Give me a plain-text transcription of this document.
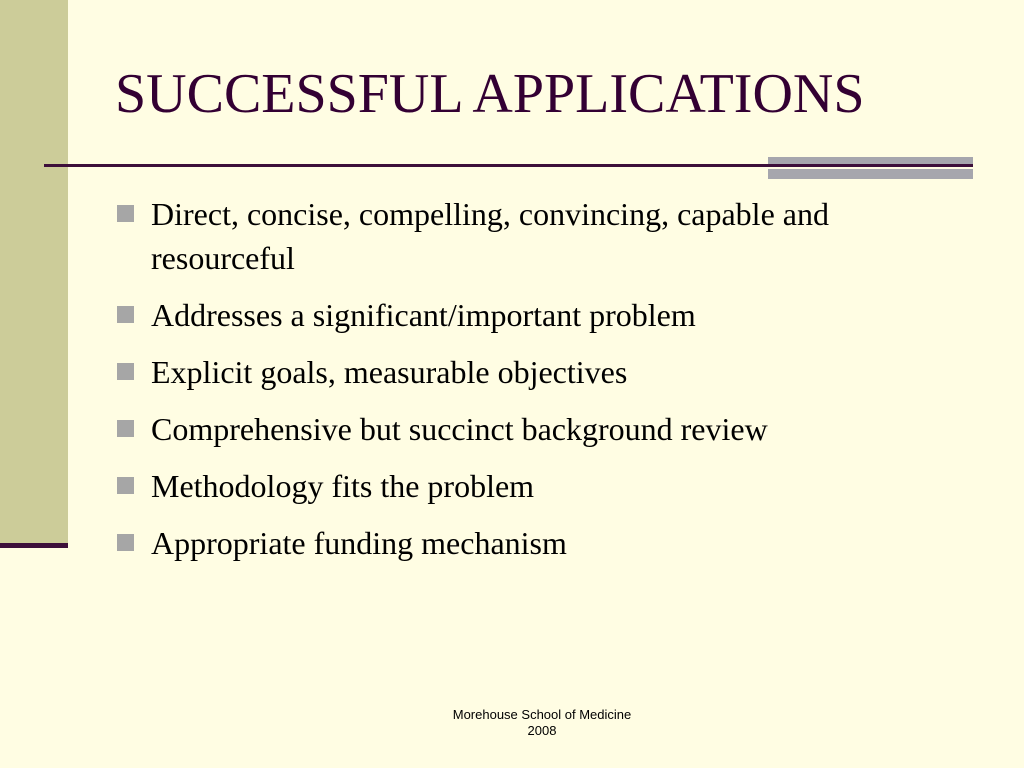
SUCCESSFUL APPLICATIONS
Direct, concise, compelling, convincing, capable and resourceful
Addresses a significant/important problem
Explicit goals, measurable objectives
Comprehensive but succinct background review
Methodology fits the problem
Appropriate funding mechanism
Morehouse School of Medicine
2008
